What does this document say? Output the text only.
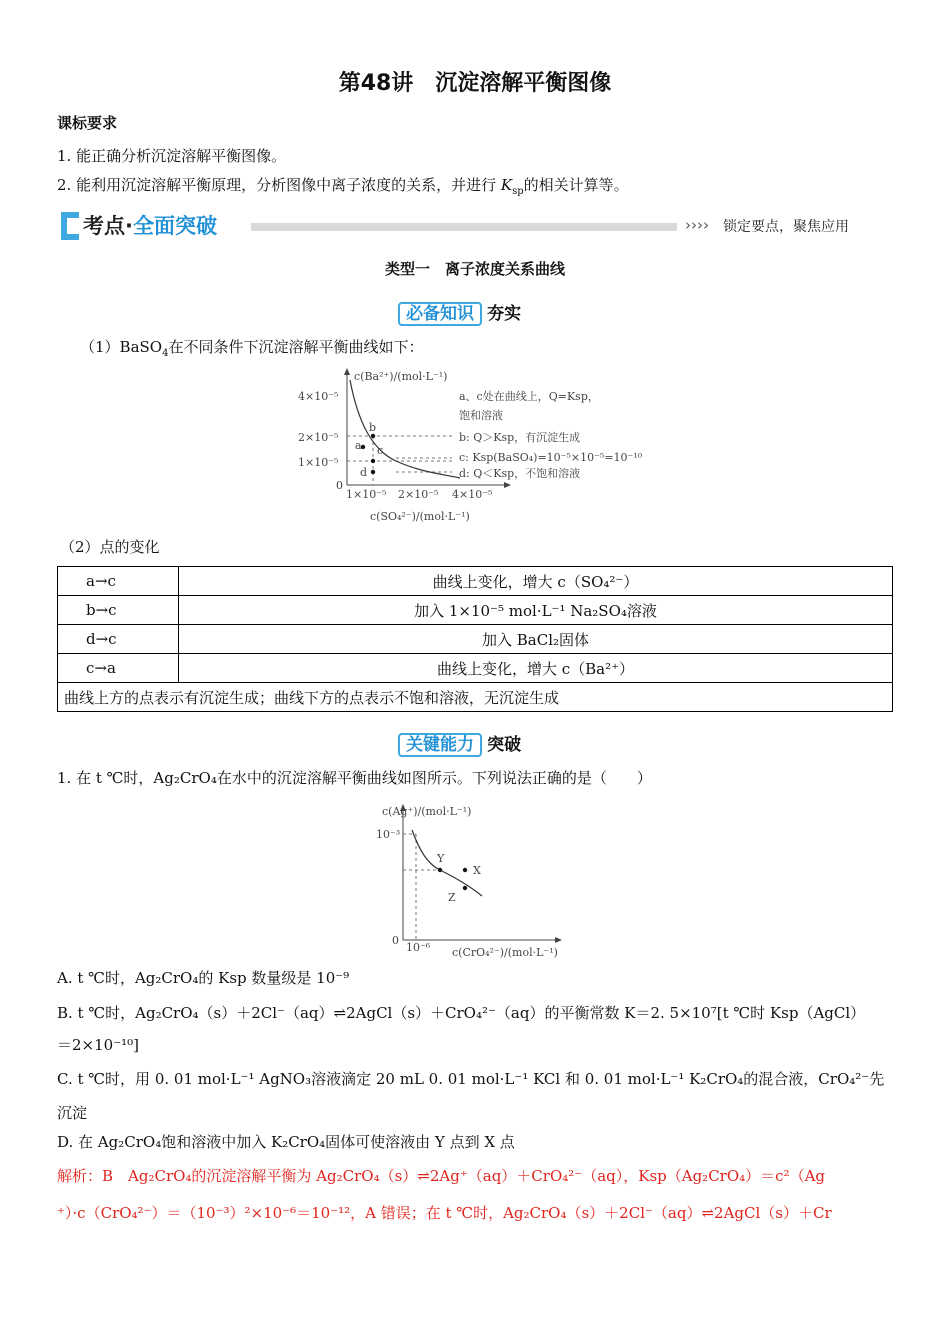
第48讲　沉淀溶解平衡图像
课标要求
1. 能正确分析沉淀溶解平衡图像。
2. 能利用沉淀溶解平衡原理，分析图像中离子浓度的关系，并进行 $K_{sp}$的相关计算等。
考点·全面突破	›››› 锁定要点，聚焦应用
类型一　离子浓度关系曲线
必备知识 夯实
（1）BaSO$_4$在不同条件下沉淀溶解平衡曲线如下：
c(Ba²⁺)/(mol·L⁻¹)
c(SO₄²⁻)/(mol·L⁻¹)
4×10⁻⁵
2×10⁻⁵
1×10⁻⁵
0
1×10⁻⁵ 2×10⁻⁵ 4×10⁻⁵
a
b
c
d
a、c处在曲线上，Q=Ksp，
饱和溶液
b: Q＞Ksp，有沉淀生成
c: Ksp(BaSO₄)=10⁻⁵×10⁻⁵=10⁻¹⁰
d: Q＜Ksp，不饱和溶液
（2）点的变化
a→c	曲线上变化，增大 c（SO₄²⁻）
b→c	加入 1×10⁻⁵ mol·L⁻¹ Na₂SO₄溶液
d→c	加入 BaCl₂固体
c→a	曲线上变化，增大 c（Ba²⁺）
曲线上方的点表示有沉淀生成；曲线下方的点表示不饱和溶液，无沉淀生成	
关键能力 突破
1. 在 t ℃时，Ag₂CrO₄在水中的沉淀溶解平衡曲线如图所示。下列说法正确的是（　　）
c(Ag⁺)/(mol·L⁻¹)
c(CrO₄²⁻)/(mol·L⁻¹)
10⁻³
10⁻⁶
0
Y
X
Z
A. t ℃时，Ag₂CrO₄的 Ksp 数量级是 10⁻⁹
B. t ℃时，Ag₂CrO₄（s）＋2Cl⁻（aq）⇌2AgCl（s）＋CrO₄²⁻（aq）的平衡常数 K＝2. 5×10⁷[t ℃时 Ksp（AgCl）
＝2×10⁻¹⁰]
C. t ℃时，用 0. 01 mol·L⁻¹ AgNO₃溶液滴定 20 mL 0. 01 mol·L⁻¹ KCl 和 0. 01 mol·L⁻¹ K₂CrO₄的混合液，CrO₄²⁻先
沉淀
D. 在 Ag₂CrO₄饱和溶液中加入 K₂CrO₄固体可使溶液由 Y 点到 X 点
解析：B　Ag₂CrO₄的沉淀溶解平衡为 Ag₂CrO₄（s）⇌2Ag⁺（aq）＋CrO₄²⁻（aq），Ksp（Ag₂CrO₄）＝c²（Ag
⁺）·c（CrO₄²⁻）＝（10⁻³）²×10⁻⁶＝10⁻¹²，A 错误；在 t ℃时，Ag₂CrO₄（s）＋2Cl⁻（aq）⇌2AgCl（s）＋Cr
